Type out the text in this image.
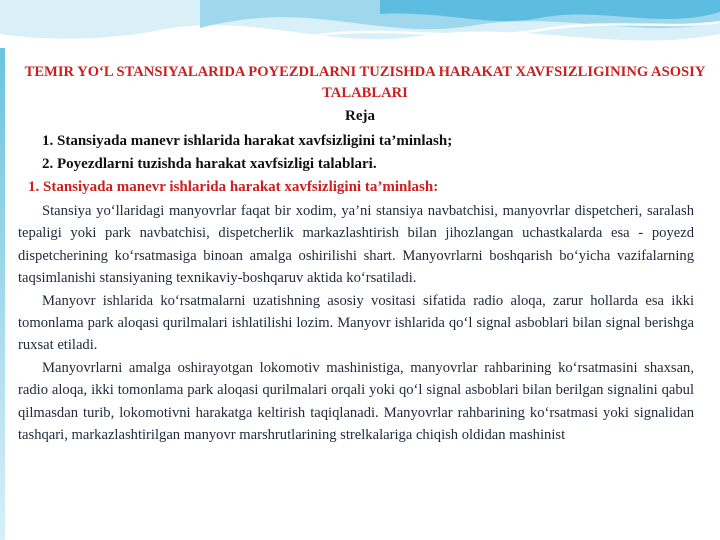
TEMIR YO‘L STANSIYALARIDA POYEZDLARNI TUZISHDA HARAKAT XAVFSIZLIGINING ASOSIY TALABLARI
Reja
1. Stansiyada manevr ishlarida harakat xavfsizligini ta’minlash;
2. Poyezdlarni tuzishda harakat xavfsizligi talablari.
1. Stansiyada manevr ishlarida harakat xavfsizligini ta’minlash:

Stansiya yo‘llaridagi manyovrlar faqat bir xodim, ya’ni stansiya navbatchisi, manyovrlar dispetcheri, saralash tepaligi yoki park navbatchisi, dispetcherlik markazlashtirish bilan jihozlangan uchastkalarda esa - poyezd dispetcherining ko‘rsatmasiga binoan amalga oshirilishi shart. Manyovrlarni boshqarish bo‘yicha vazifalarning taqsimlanishi stansiyaning texnikaviy-boshqaruv aktida ko‘rsatiladi.

Manyovr ishlarida ko‘rsatmalarni uzatishning asosiy vositasi sifatida radio aloqa, zarur hollarda esa ikki tomonlama park aloqasi qurilmalari ishlatilishi lozim. Manyovr ishlarida qo‘l signal asboblari bilan signal berishga ruxsat etiladi.

Manyovrlarni amalga oshirayotgan lokomotiv mashinistiga, manyovrlar rahbarining ko‘rsatmasini shaxsan, radio aloqa, ikki tomonlama park aloqasi qurilmalari orqali yoki qo‘l signal asboblari bilan berilgan signalini qabul qilmasdan turib, lokomotivni harakatga keltirish taqiqlanadi. Manyovrlar rahbarining ko‘rsatmasi yoki signalidan tashqari, markazlashtirilgan manyovr marshrutlarining strelkalariga chiqish oldidan mashinist
